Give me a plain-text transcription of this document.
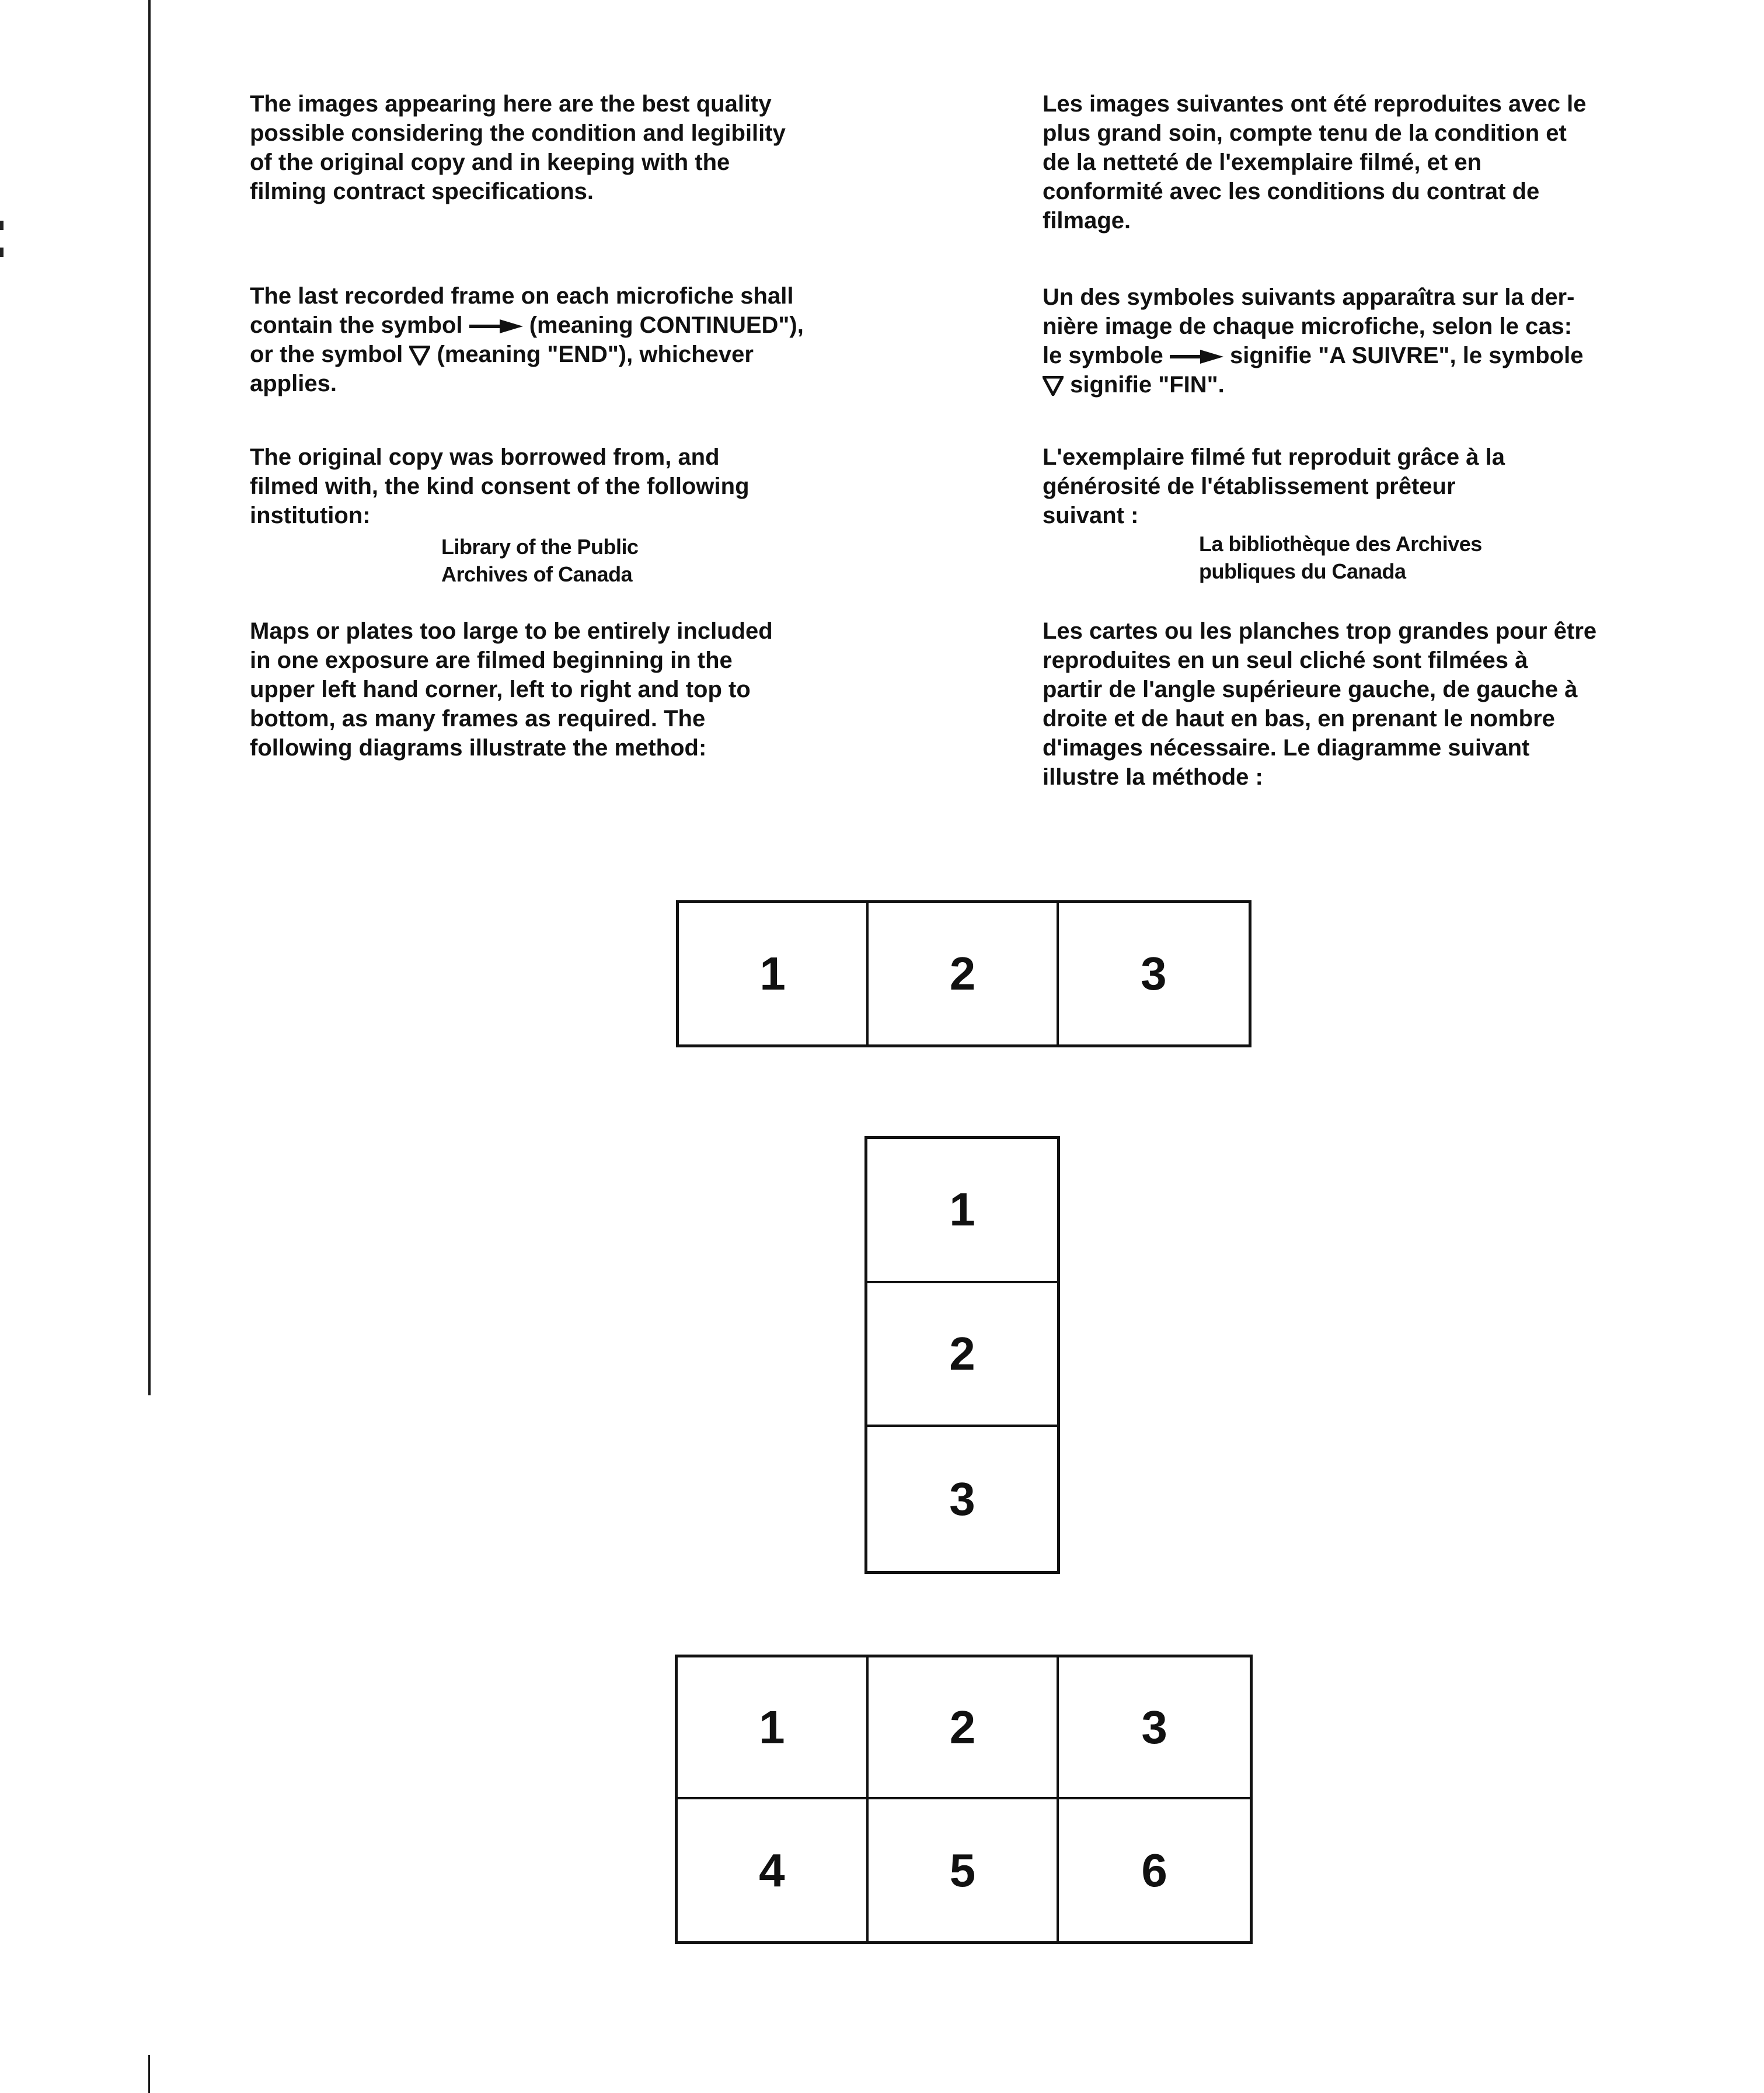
The images appearing here are the best quality
possible considering the condition and legibility
of the original copy and in keeping with the
filming contract specifications.

The last recorded frame on each microfiche shall
contain the symbol	(meaning CONTINUED"),
or the symbol  (meaning "END"), whichever
applies.

The original copy was borrowed from, and
filmed with, the kind consent of the following
institution:

Library of the Public
Archives of Canada

Maps or plates too large to be entirely included
in one exposure are filmed beginning in the
upper left hand corner, left to right and top to
bottom, as many frames as required. The
following diagrams illustrate the method:

Les images suivantes ont été reproduites avec le
plus grand soin, compte tenu de la condition et
de la netteté de l'exemplaire filmé, et en
conformité avec les conditions du contrat de
filmage.

Un des symboles suivants apparaîtra sur la der-
nière image de chaque microfiche, selon le cas:
le symbole	signifie "A SUIVRE", le symbole
signifie "FIN".

L'exemplaire filmé fut reproduit grâce à la
générosité de l'établissement prêteur
suivant :

La bibliothèque des Archives
publiques du Canada

Les cartes ou les planches trop grandes pour être
reproduites en un seul cliché sont filmées à
partir de l'angle supérieure gauche, de gauche à
droite et de haut en bas, en prenant le nombre
d'images nécessaire. Le diagramme suivant
illustre la méthode :

1	2	3
1
2
3
1	2	3
4	5	6
